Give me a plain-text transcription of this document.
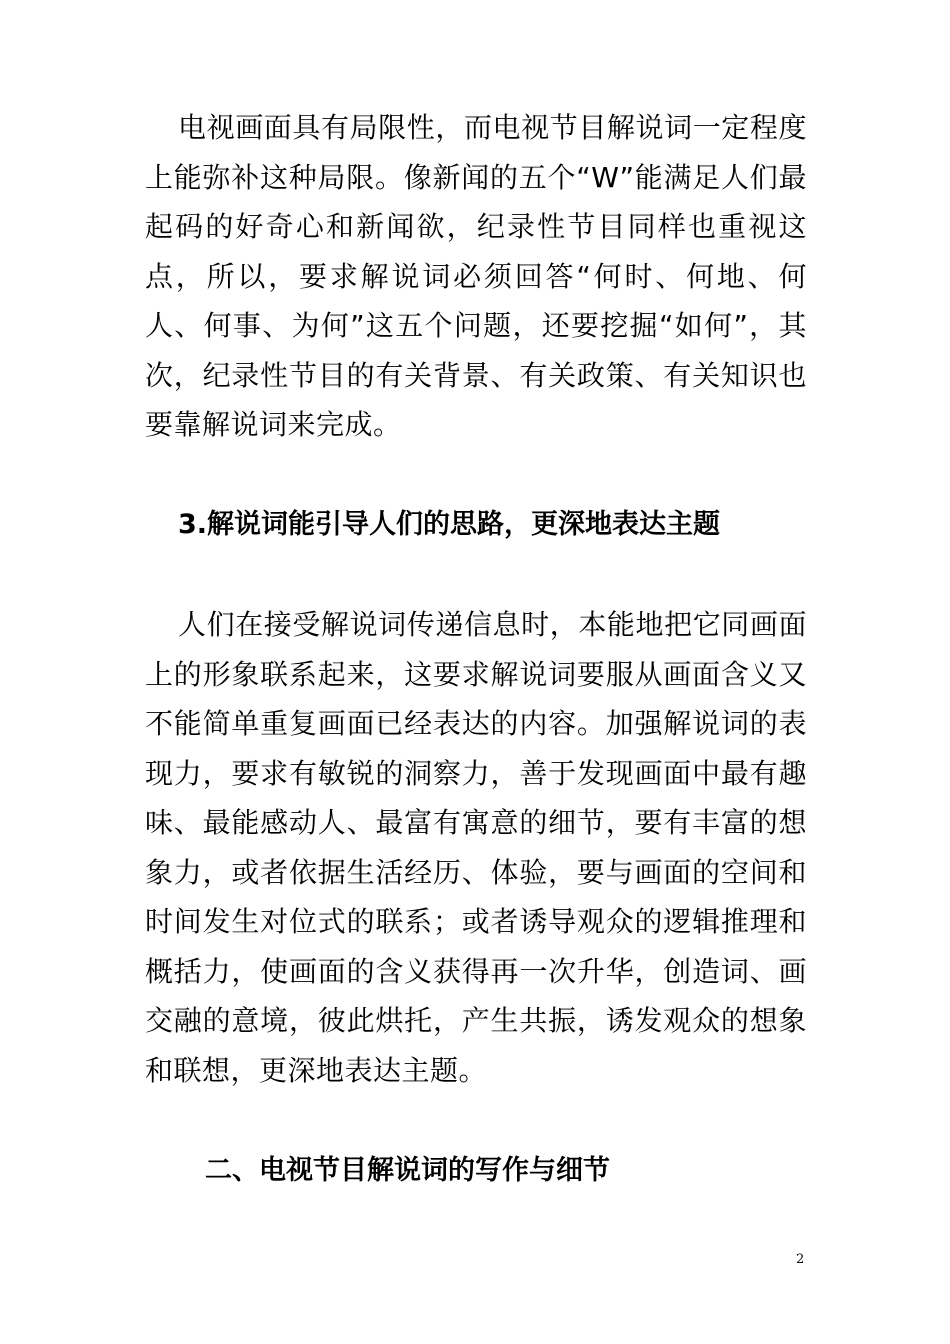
电视画面具有局限性，而电视节目解说词一定程度上能弥补这种局限。像新闻的五个“W”能满足人们最起码的好奇心和新闻欲，纪录性节目同样也重视这点，所以，要求解说词必须回答“何时、何地、何人、何事、为何”这五个问题，还要挖掘“如何”，其次，纪录性节目的有关背景、有关政策、有关知识也要靠解说词来完成。

3.解说词能引导人们的思路，更深地表达主题

人们在接受解说词传递信息时，本能地把它同画面上的形象联系起来，这要求解说词要服从画面含义又不能简单重复画面已经表达的内容。加强解说词的表现力，要求有敏锐的洞察力，善于发现画面中最有趣味、最能感动人、最富有寓意的细节，要有丰富的想象力，或者依据生活经历、体验，要与画面的空间和时间发生对位式的联系；或者诱导观众的逻辑推理和概括力，使画面的含义获得再一次升华，创造词、画交融的意境，彼此烘托，产生共振，诱发观众的想象和联想，更深地表达主题。

二、电视节目解说词的写作与细节
2
